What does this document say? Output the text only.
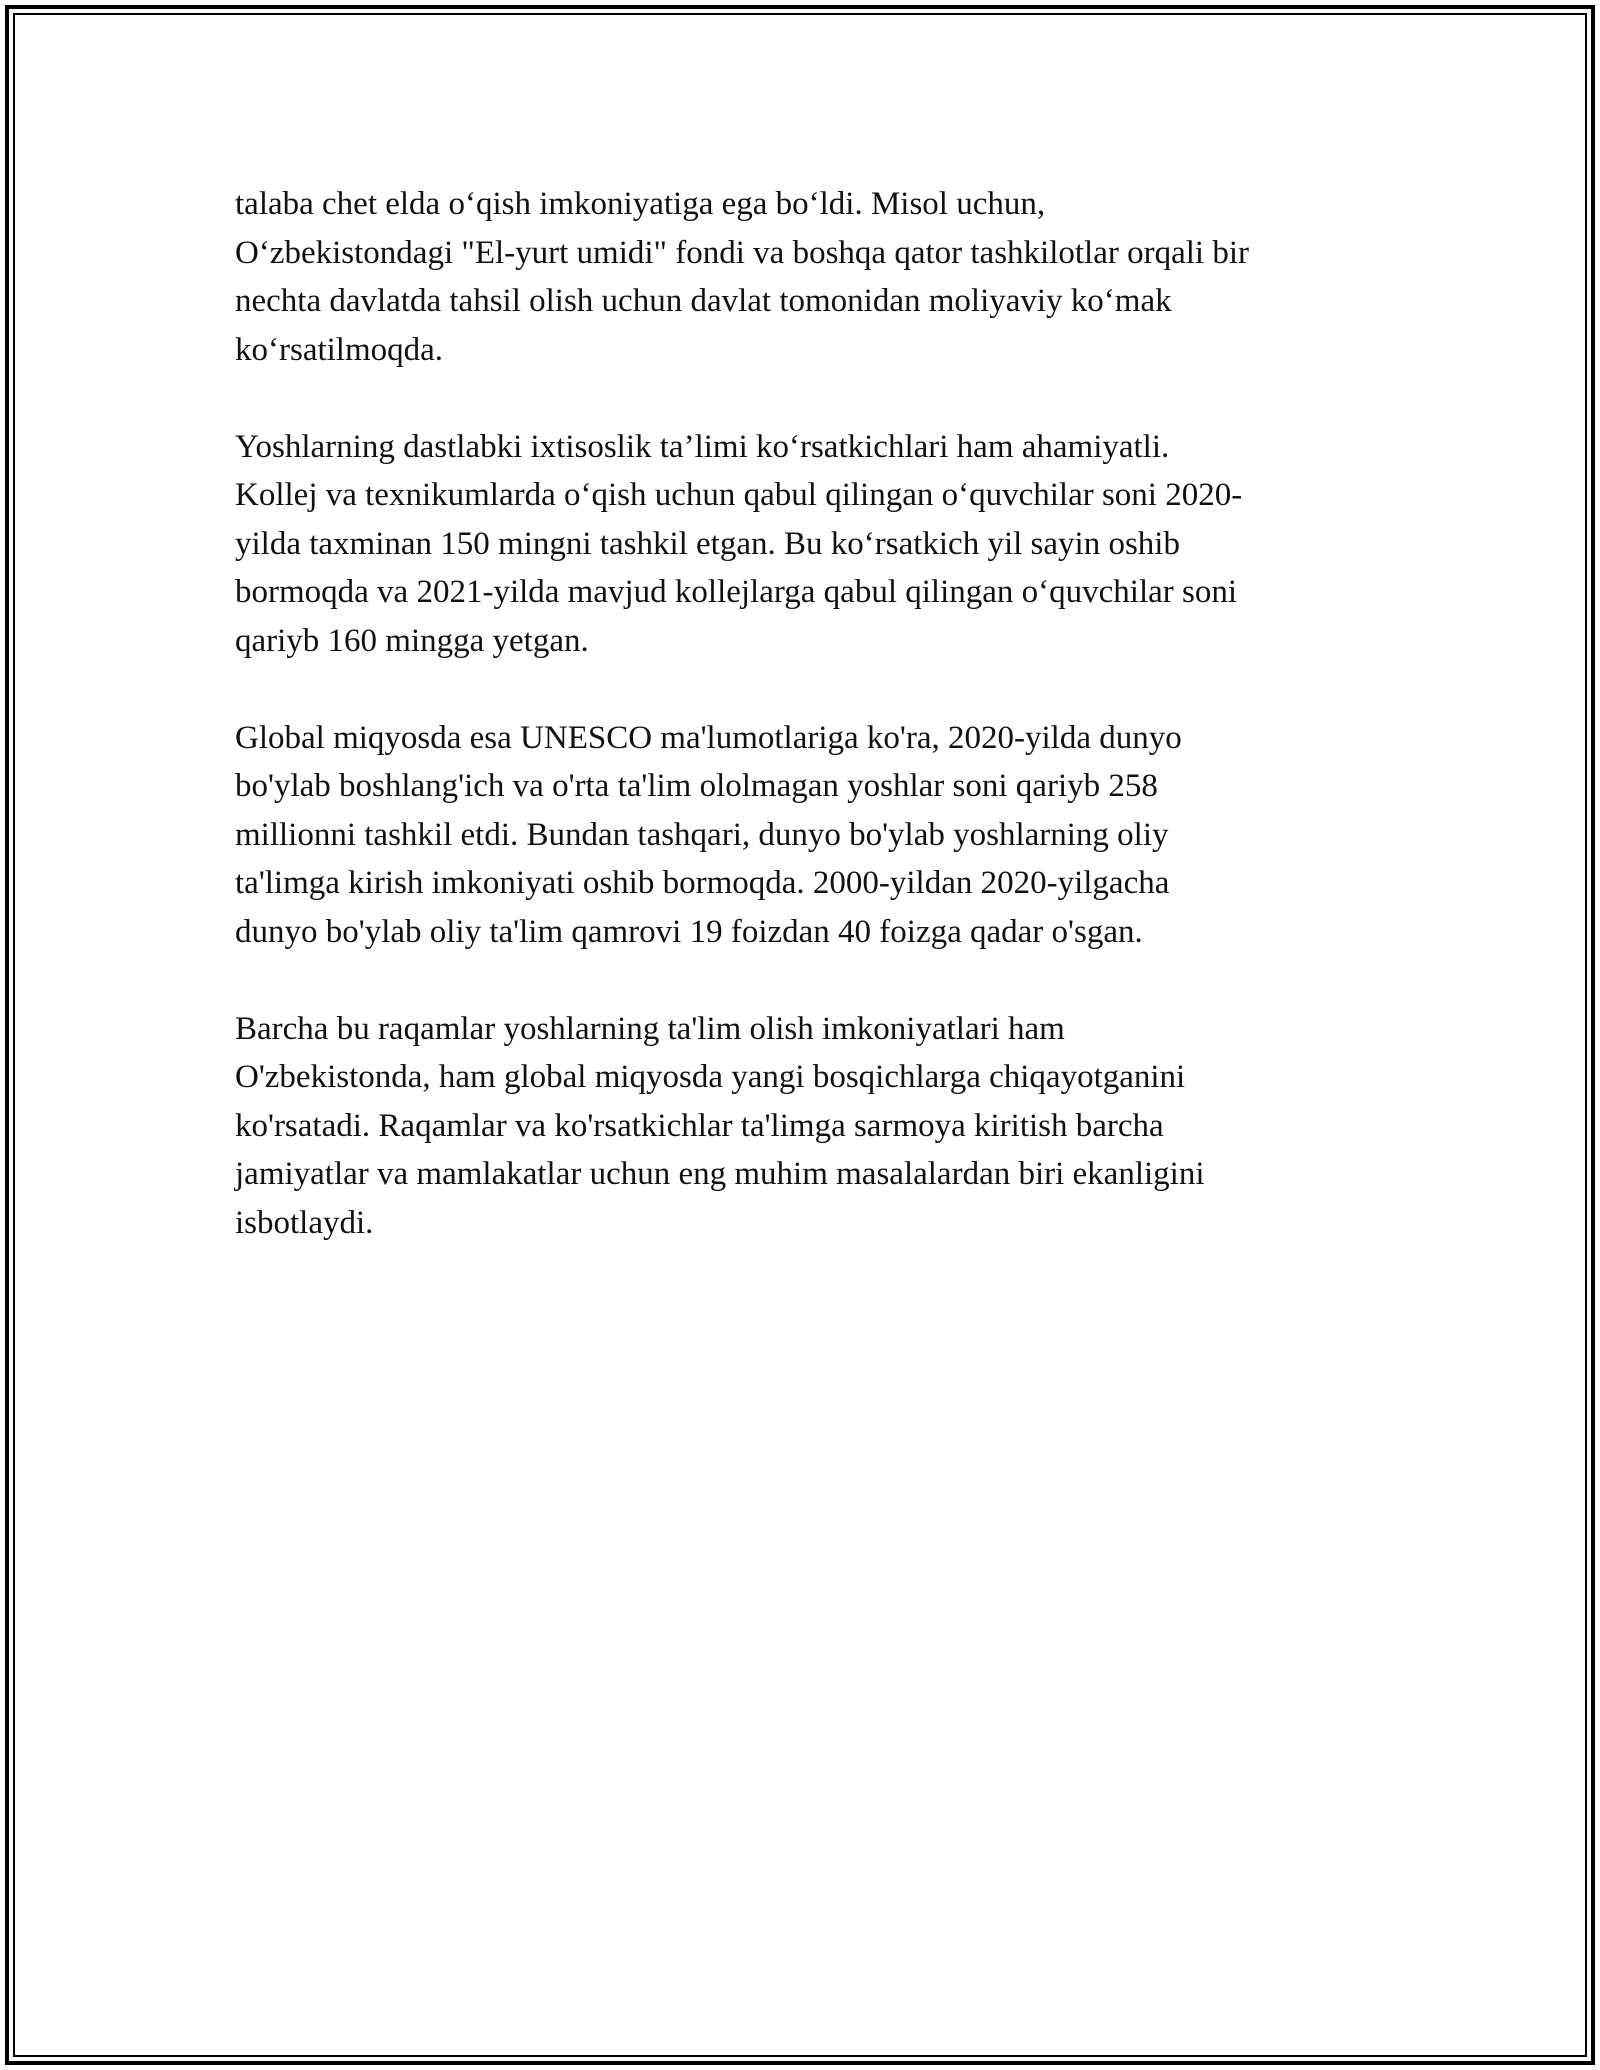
talaba chet elda o‘qish imkoniyatiga ega bo‘ldi. Misol uchun,
O‘zbekistondagi "El-yurt umidi" fondi va boshqa qator tashkilotlar orqali bir
nechta davlatda tahsil olish uchun davlat tomonidan moliyaviy ko‘mak
ko‘rsatilmoqda.

Yoshlarning dastlabki ixtisoslik ta’limi ko‘rsatkichlari ham ahamiyatli.
Kollej va texnikumlarda o‘qish uchun qabul qilingan o‘quvchilar soni 2020-
yilda taxminan 150 mingni tashkil etgan. Bu ko‘rsatkich yil sayin oshib
bormoqda va 2021-yilda mavjud kollejlarga qabul qilingan o‘quvchilar soni
qariyb 160 mingga yetgan.

Global miqyosda esa UNESCO ma'lumotlariga ko'ra, 2020-yilda dunyo
bo'ylab boshlang'ich va o'rta ta'lim ololmagan yoshlar soni qariyb 258
millionni tashkil etdi. Bundan tashqari, dunyo bo'ylab yoshlarning oliy
ta'limga kirish imkoniyati oshib bormoqda. 2000-yildan 2020-yilgacha
dunyo bo'ylab oliy ta'lim qamrovi 19 foizdan 40 foizga qadar o'sgan.

Barcha bu raqamlar yoshlarning ta'lim olish imkoniyatlari ham
O'zbekistonda, ham global miqyosda yangi bosqichlarga chiqayotganini
ko'rsatadi. Raqamlar va ko'rsatkichlar ta'limga sarmoya kiritish barcha
jamiyatlar va mamlakatlar uchun eng muhim masalalardan biri ekanligini
isbotlaydi.
